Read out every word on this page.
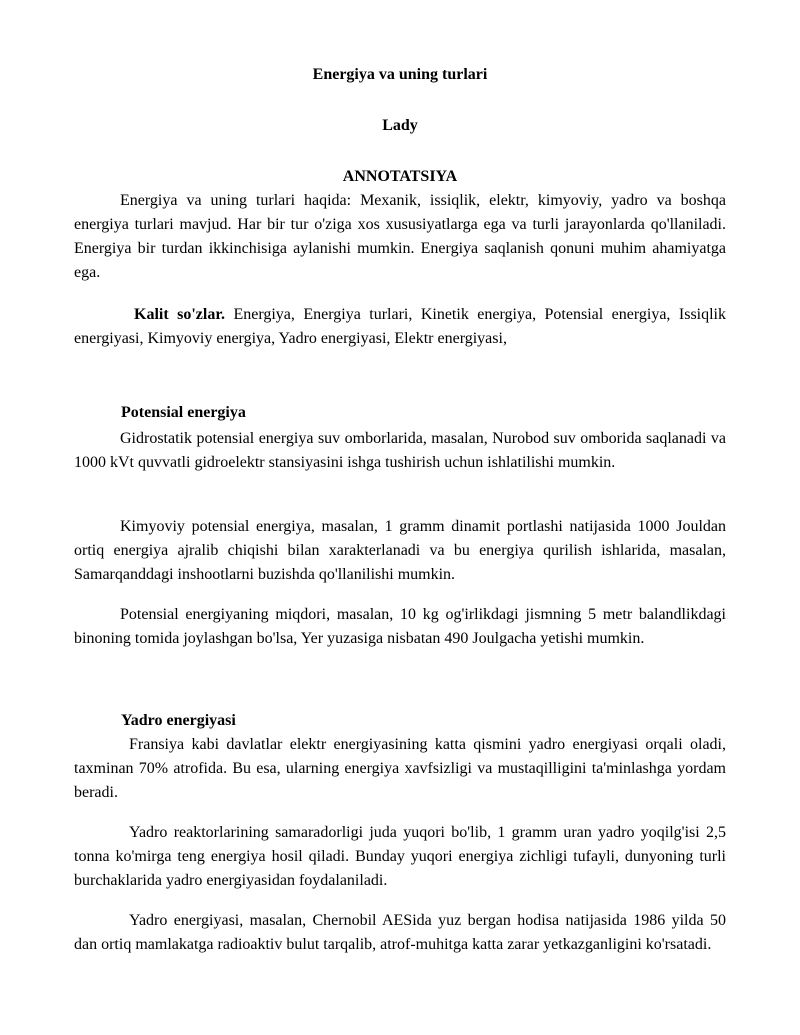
Energiya va uning turlari

Lady

ANNOTATSIYA

Energiya va uning turlari haqida: Mexanik, issiqlik, elektr, kimyoviy, yadro va boshqa energiya turlari mavjud. Har bir tur o'ziga xos xususiyatlarga ega va turli jarayonlarda qo'llaniladi. Energiya bir turdan ikkinchisiga aylanishi mumkin. Energiya saqlanish qonuni muhim ahamiyatga ega.

Kalit so'zlar. Energiya, Energiya turlari, Kinetik energiya, Potensial energiya, Issiqlik energiyasi, Kimyoviy energiya, Yadro energiyasi, Elektr energiyasi,

Potensial energiya

Gidrostatik potensial energiya suv omborlarida, masalan, Nurobod suv omborida saqlanadi va 1000 kVt quvvatli gidroelektr stansiyasini ishga tushirish uchun ishlatilishi mumkin.

Kimyoviy potensial energiya, masalan, 1 gramm dinamit portlashi natijasida 1000 Jouldan ortiq energiya ajralib chiqishi bilan xarakterlanadi va bu energiya qurilish ishlarida, masalan, Samarqanddagi inshootlarni buzishda qo'llanilishi mumkin.

Potensial energiyaning miqdori, masalan, 10 kg og'irlikdagi jismning 5 metr balandlikdagi binoning tomida joylashgan bo'lsa, Yer yuzasiga nisbatan 490 Joulgacha yetishi mumkin.

Yadro energiyasi

Fransiya kabi davlatlar elektr energiyasining katta qismini yadro energiyasi orqali oladi, taxminan 70% atrofida. Bu esa, ularning energiya xavfsizligi va mustaqilligini ta'minlashga yordam beradi.

Yadro reaktorlarining samaradorligi juda yuqori bo'lib, 1 gramm uran yadro yoqilg'isi 2,5 tonna ko'mirga teng energiya hosil qiladi. Bunday yuqori energiya zichligi tufayli, dunyoning turli burchaklarida yadro energiyasidan foydalaniladi.

Yadro energiyasi, masalan, Chernobil AESida yuz bergan hodisa natijasida 1986 yilda 50 dan ortiq mamlakatga radioaktiv bulut tarqalib, atrof-muhitga katta zarar yetkazganligini ko'rsatadi.
